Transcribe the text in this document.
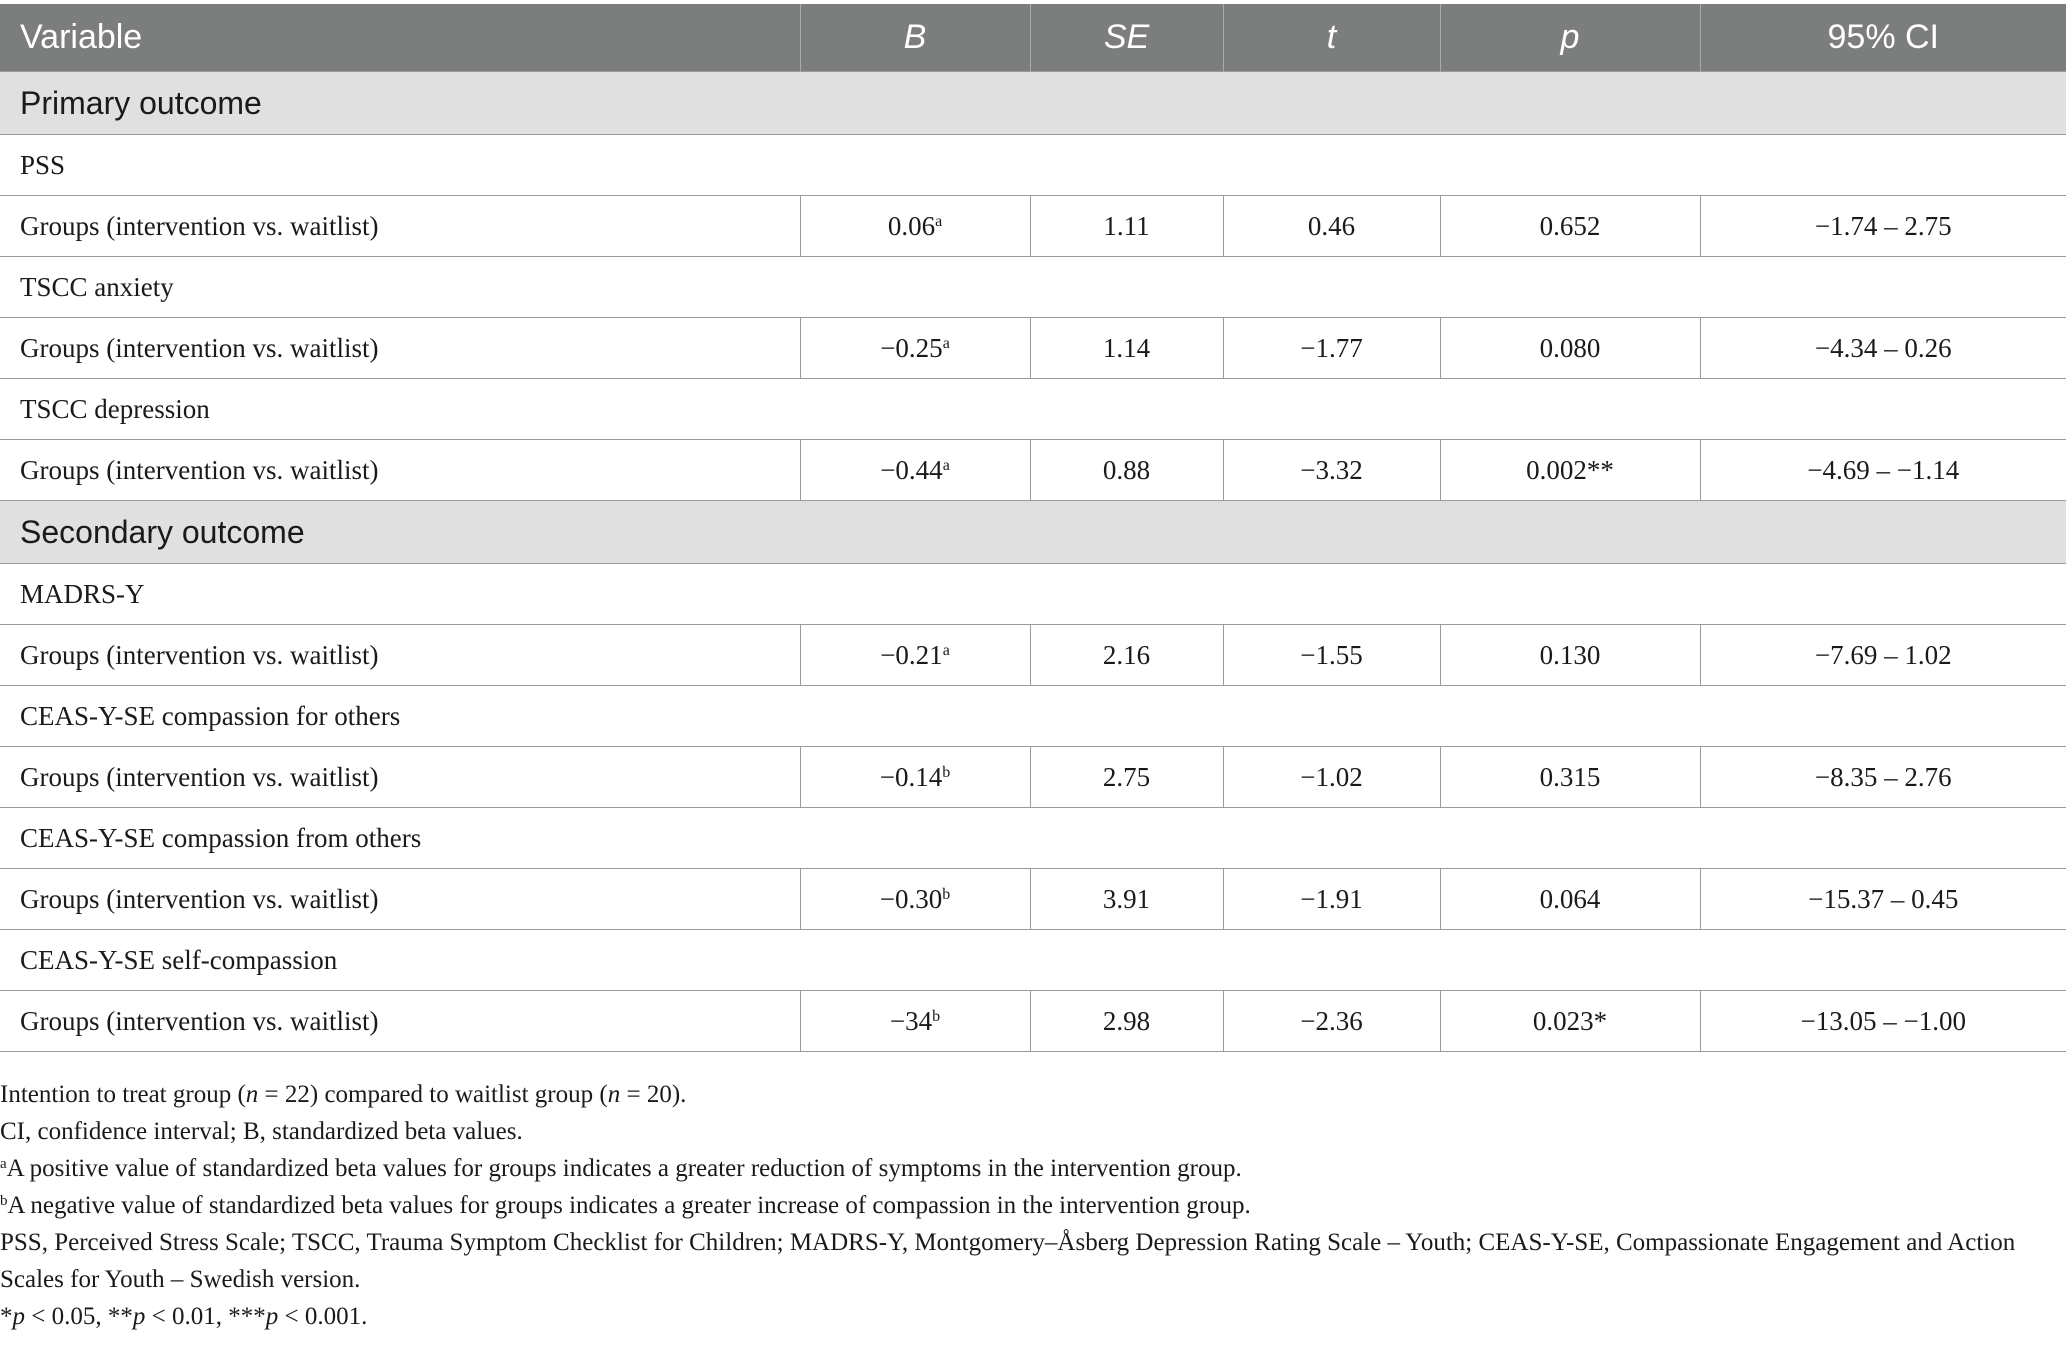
Variable	B	SE	t	p	95% CI
Primary outcome					
PSS					
Groups (intervention vs. waitlist)	0.06$^a$	1.11	0.46	0.652	−1.74 – 2.75
TSCC anxiety					
Groups (intervention vs. waitlist)	−0.25$^a$	1.14	−1.77	0.080	−4.34 – 0.26
TSCC depression					
Groups (intervention vs. waitlist)	−0.44$^a$	0.88	−3.32	0.002**	−4.69 – −1.14
Secondary outcome					
MADRS-Y					
Groups (intervention vs. waitlist)	−0.21$^a$	2.16	−1.55	0.130	−7.69 – 1.02
CEAS-Y-SE compassion for others					
Groups (intervention vs. waitlist)	−0.14$^b$	2.75	−1.02	0.315	−8.35 – 2.76
CEAS-Y-SE compassion from others					
Groups (intervention vs. waitlist)	−0.30$^b$	3.91	−1.91	0.064	−15.37 – 0.45
CEAS-Y-SE self-compassion					
Groups (intervention vs. waitlist)	$-34^b$	2.98	−2.36	0.023*	−13.05 – −1.00

Intention to treat group (n = 22) compared to waitlist group (n = 20).

CI, confidence interval; B, standardized beta values.

$^a$A positive value of standardized beta values for groups indicates a greater reduction of symptoms in the intervention group.

$^b$A negative value of standardized beta values for groups indicates a greater increase of compassion in the intervention group.

PSS, Perceived Stress Scale; TSCC, Trauma Symptom Checklist for Children; MADRS-Y, Montgomery–Åsberg Depression Rating Scale – Youth; CEAS-Y-SE, Compassionate Engagement and Action Scales for Youth – Swedish version.

*p < 0.05, **p < 0.01, ***p < 0.001.
